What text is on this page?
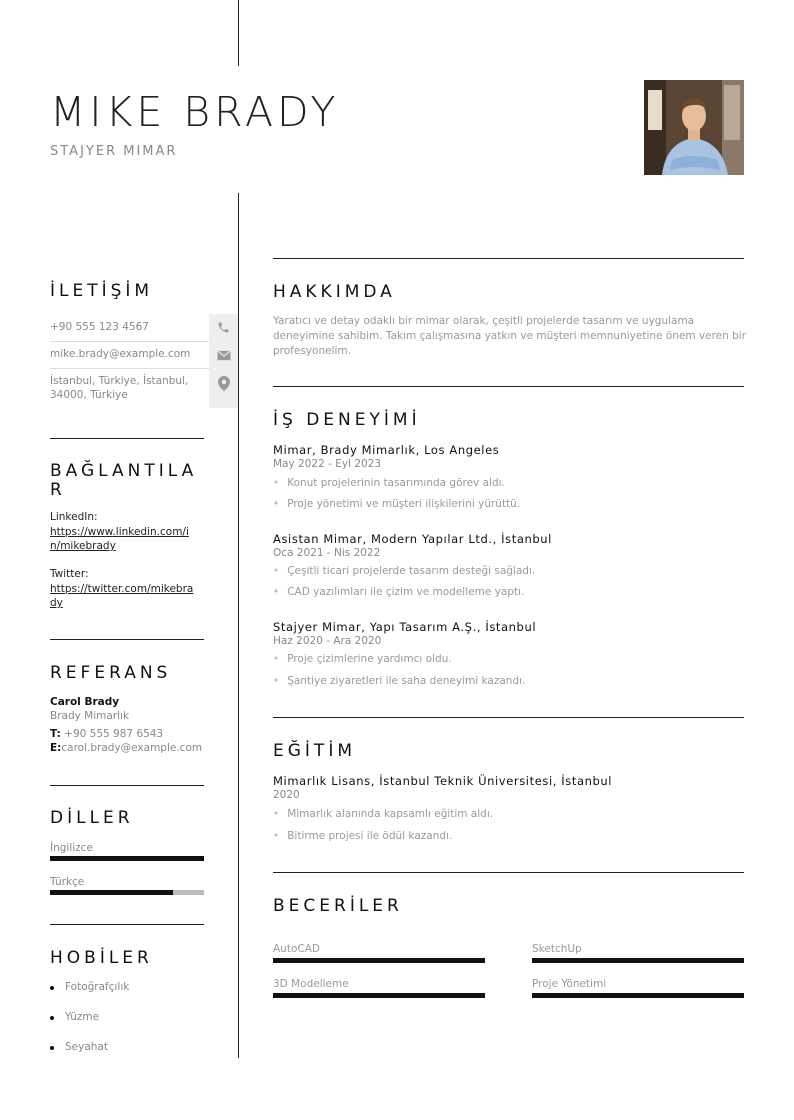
MIKE BRADY
STAJYER MIMAR
İLETİŞİM
+90 555 123 4567
mike.brady@example.com
İstanbul, Türkiye, İstanbul,
34000, Türkiye
BAĞLANTILA
R
LinkedIn:
https://www.linkedin.com/i
n/mikebrady
Twitter:
https://twitter.com/mikebra
dy
REFERANS
Carol Brady
Brady Mimarlık
T: +90 555 987 6543
E:carol.brady@example.com
DİLLER
İngilizce
Türkçe
HOBİLER
Fotoğrafçılık
Yüzme
Seyahat
HAKKIMDA
Yaratıcı ve detay odaklı bir mimar olarak, çeşitli projelerde tasarım ve uygulama
deneyimine sahibim. Takım çalışmasına yatkın ve müşteri memnuniyetine önem veren bir
profesyonelim.
İŞ DENEYİMİ
Mimar, Brady Mimarlık, Los Angeles
May 2022 - Eyl 2023
• Konut projelerinin tasarımında görev aldı.
• Proje yönetimi ve müşteri ilişkilerini yürüttü.
Asistan Mimar, Modern Yapılar Ltd., İstanbul
Oca 2021 - Nis 2022
• Çeşitli ticari projelerde tasarım desteği sağladı.
• CAD yazılımları ile çizim ve modelleme yaptı.
Stajyer Mimar, Yapı Tasarım A.Ş., İstanbul
Haz 2020 - Ara 2020
• Proje çizimlerine yardımcı oldu.
• Şantiye ziyaretleri ile saha deneyimi kazandı.
EĞİTİM
Mimarlık Lisans, İstanbul Teknik Üniversitesi, İstanbul
2020
• Mimarlık alanında kapsamlı eğitim aldı.
• Bitirme projesi ile ödül kazandı.
BECERİLER
AutoCAD	SketchUp
3D Modelleme	Proje Yönetimi
